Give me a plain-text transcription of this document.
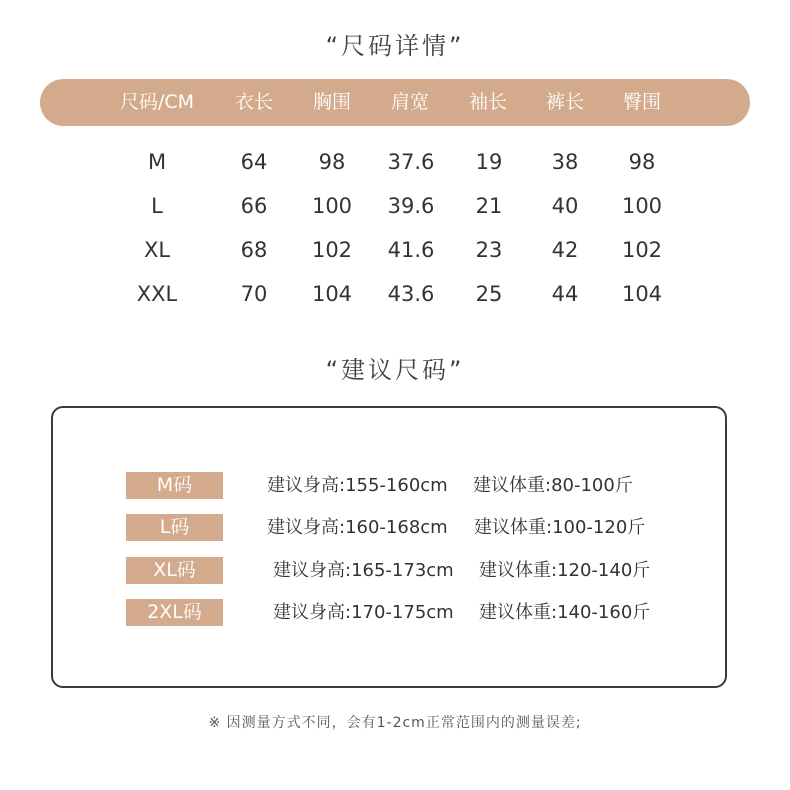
“尺码详情”
尺码/CM 衣长 胸围 肩宽 袖长 裤长 臀围
M	64 98 37.6 19 38 98
L	66 100 39.6 21 40 100
XL	68 102 41.6 23 42 102
XXL	70 104 43.6 25 44 104
“建议尺码”
M码	建议身高:155-160cm 建议体重:80-100斤
L码	建议身高:160-168cm 建议体重:100-120斤
XL码	建议身高:165-173cm 建议体重:120-140斤
2XL码	建议身高:170-175cm 建议体重:140-160斤
※ 因测量方式不同，会有1-2cm正常范围内的测量误差;
